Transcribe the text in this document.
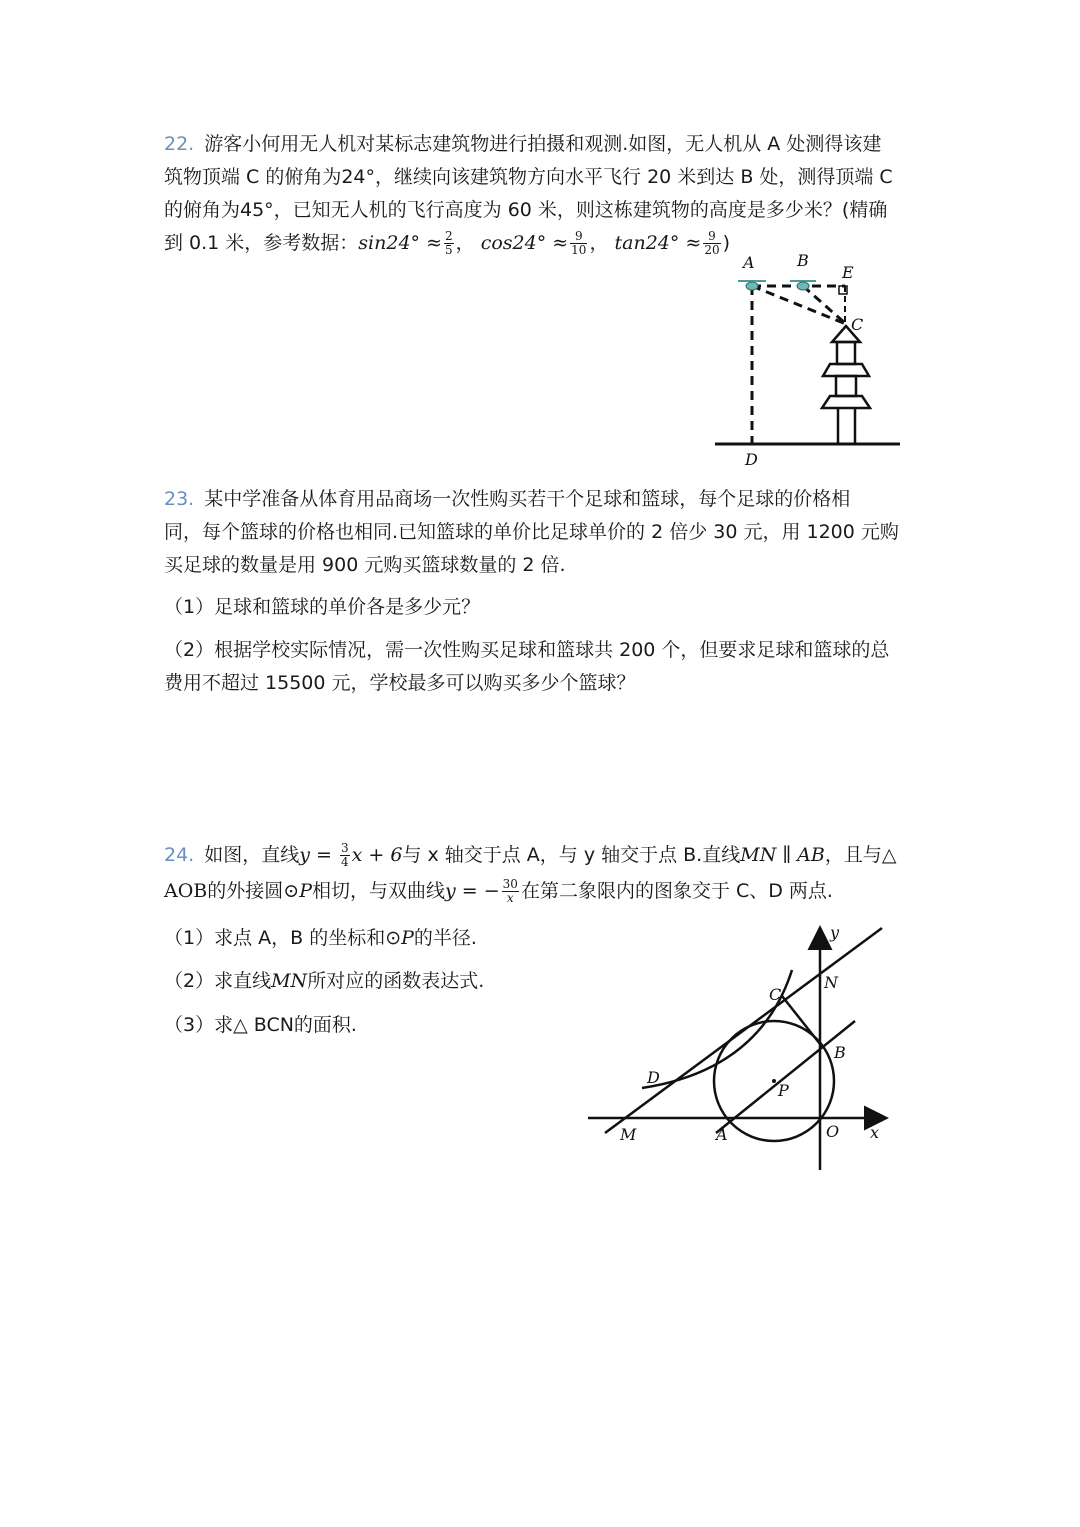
22. 游客小何用无人机对某标志建筑物进行拍摄和观测.如图，无人机从 A 处测得该建
筑物顶端 C 的俯角为24°，继续向该建筑物方向水平飞行 20 米到达 B 处，测得顶端 C
的俯角为45°，已知无人机的飞行高度为 60 米，则这栋建筑物的高度是多少米？(精确
到 0.1 米，参考数据：$\sin 24^\circ \approx \frac{2}{5}$ ， $\cos 24^\circ \approx \frac{9}{10}$ ， $\tan 24^\circ \approx \frac{9}{20}$ )
A	B
E
C
D
23. 某中学准备从体育用品商场一次性购买若干个足球和篮球，每个足球的价格相
同，每个篮球的价格也相同.已知篮球的单价比足球单价的 2 倍少 30 元，用 1200 元购
买足球的数量是用 900 元购买篮球数量的 2 倍.
（1）足球和篮球的单价各是多少元？
（2）根据学校实际情况，需一次性购买足球和篮球共 200 个，但要求足球和篮球的总
费用不超过 15500 元，学校最多可以购买多少个篮球？
24. 如图，直线$y = \frac{3}{4}$ x + 6与 x 轴交于点 A，与 y 轴交于点 B.直线MN ∥ AB，且与△
AOB的外接圆⊙P相切，与双曲线y = − $\frac{30}{x}$ 在第二象限内的图象交于 C、D 两点.
（1）求点 A，B 的坐标和⊙P的半径.
（2）求直线MN所对应的函数表达式.
（3）求△ BCN的面积.
y
x
N
C
B
D
P
M	A	O
